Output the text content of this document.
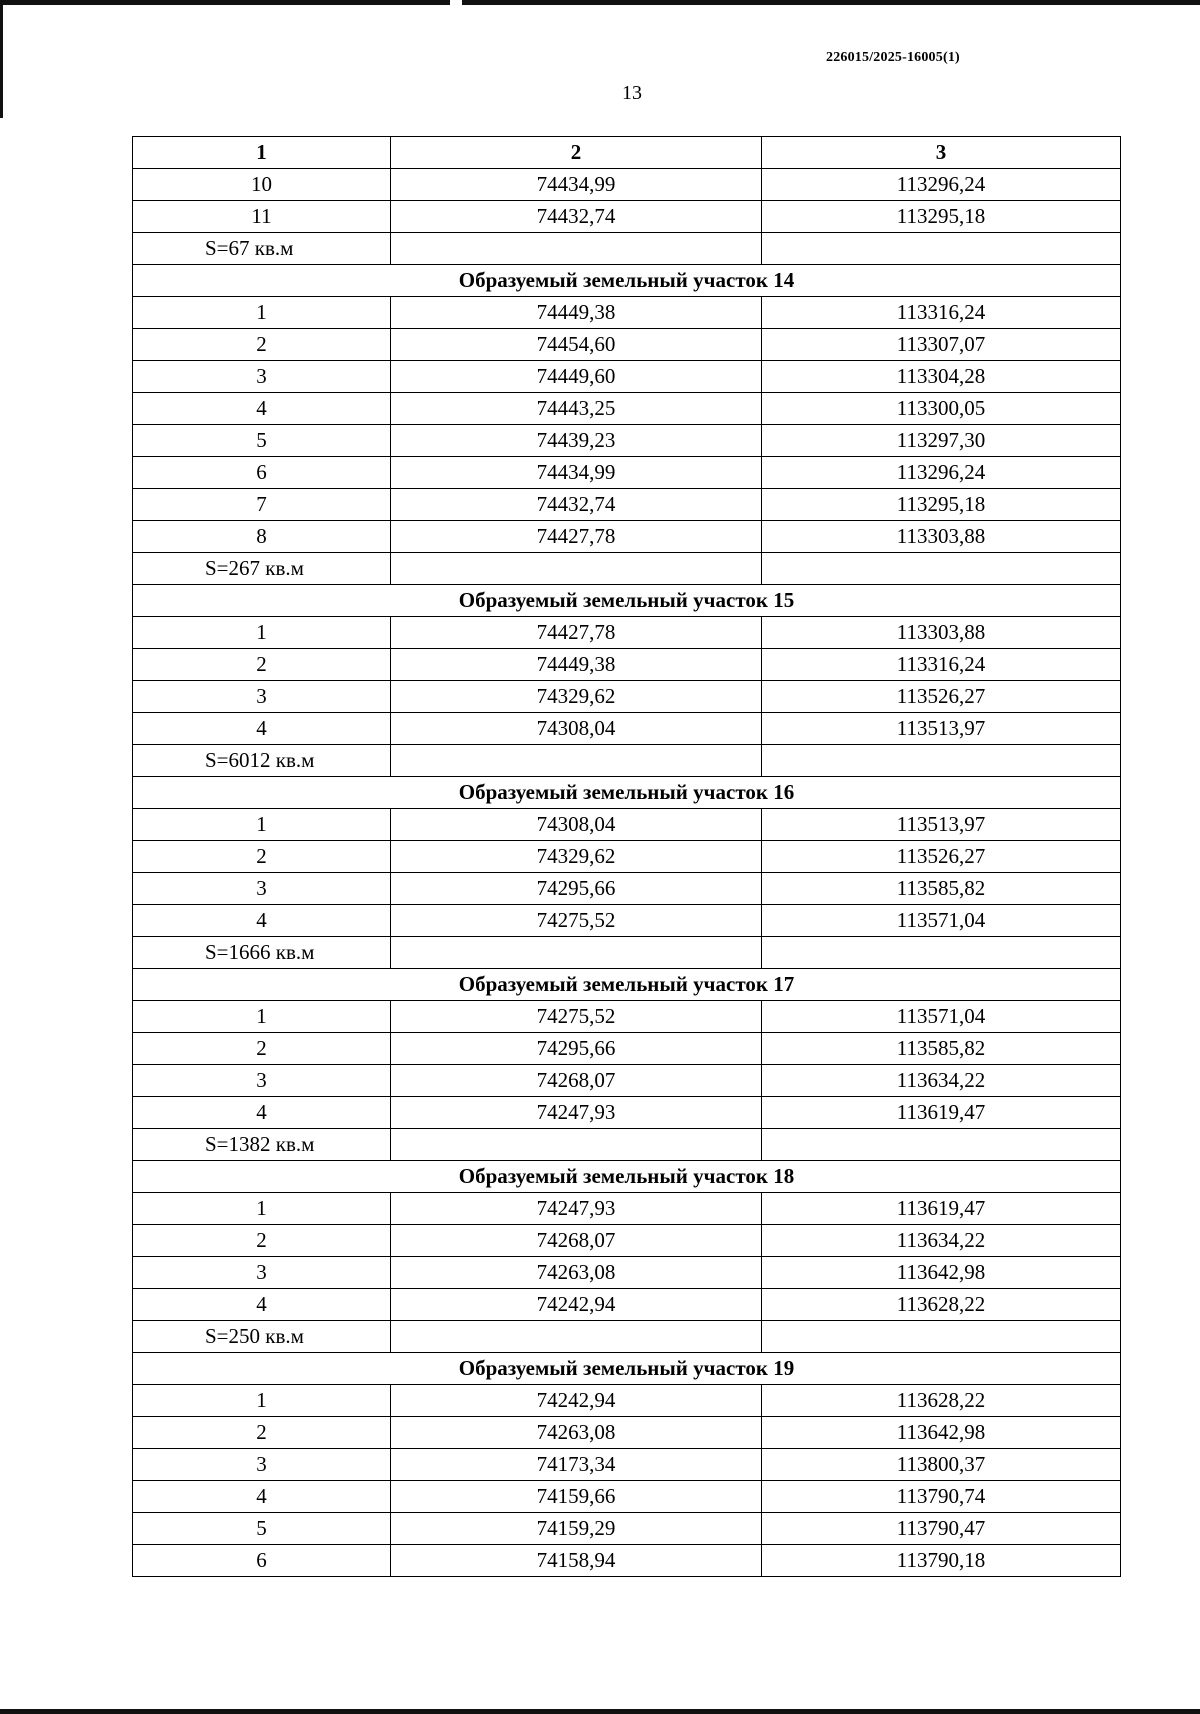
226015/2025-16005(1)
13
1	2	3
10	74434,99	113296,24
11	74432,74	113295,18
S=67 кв.м		
Образуемый земельный участок 14		
1	74449,38	113316,24
2	74454,60	113307,07
3	74449,60	113304,28
4	74443,25	113300,05
5	74439,23	113297,30
6	74434,99	113296,24
7	74432,74	113295,18
8	74427,78	113303,88
S=267 кв.м		
Образуемый земельный участок 15		
1	74427,78	113303,88
2	74449,38	113316,24
3	74329,62	113526,27
4	74308,04	113513,97
S=6012 кв.м		
Образуемый земельный участок 16		
1	74308,04	113513,97
2	74329,62	113526,27
3	74295,66	113585,82
4	74275,52	113571,04
S=1666 кв.м		
Образуемый земельный участок 17		
1	74275,52	113571,04
2	74295,66	113585,82
3	74268,07	113634,22
4	74247,93	113619,47
S=1382 кв.м		
Образуемый земельный участок 18		
1	74247,93	113619,47
2	74268,07	113634,22
3	74263,08	113642,98
4	74242,94	113628,22
S=250 кв.м		
Образуемый земельный участок 19		
1	74242,94	113628,22
2	74263,08	113642,98
3	74173,34	113800,37
4	74159,66	113790,74
5	74159,29	113790,47
6	74158,94	113790,18
